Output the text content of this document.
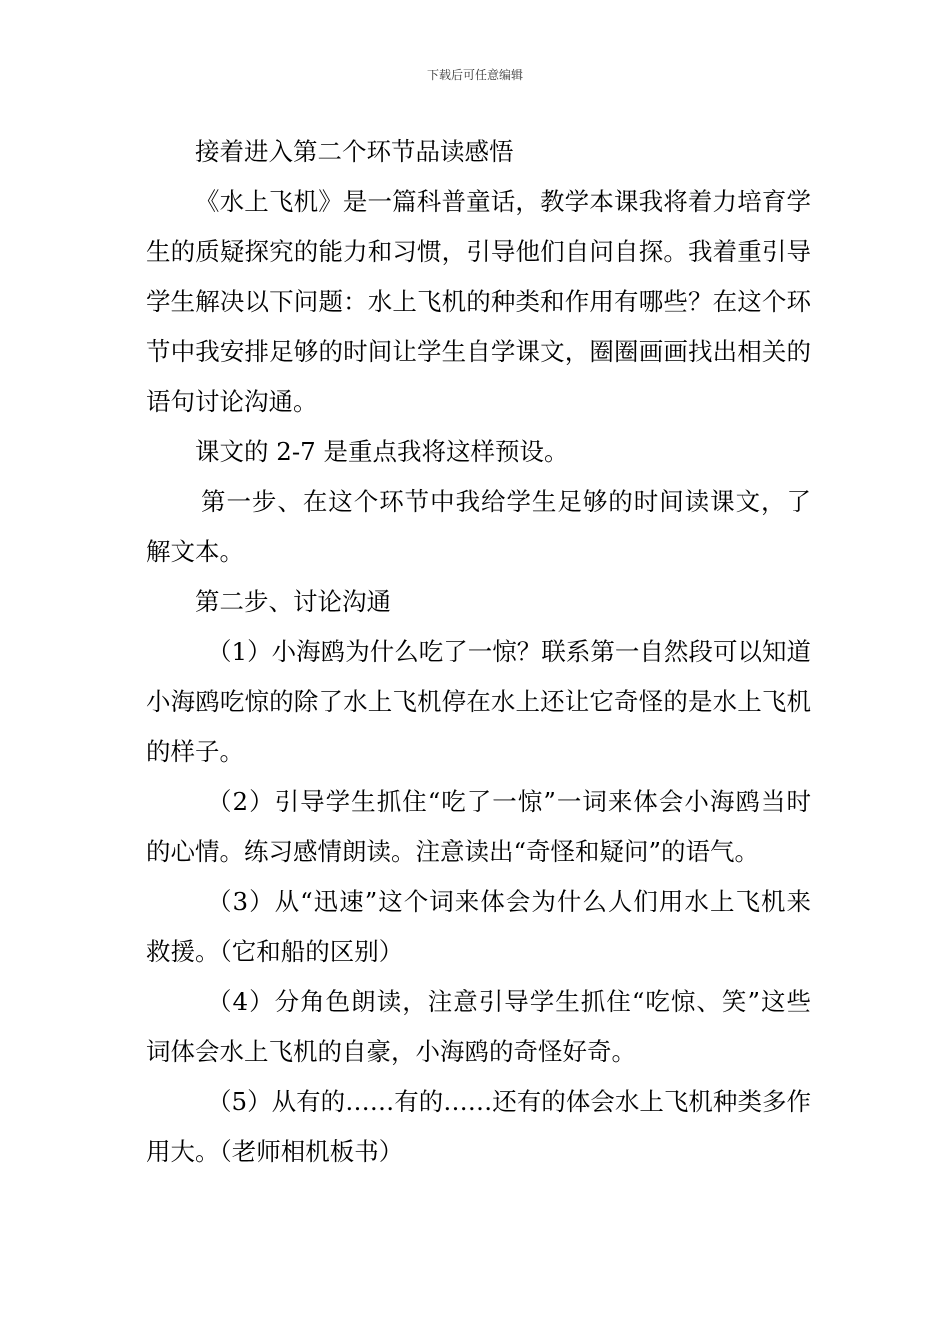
下载后可任意编辑

接着进入第二个环节品读感悟

《水上飞机》是一篇科普童话，教学本课我将着力培育学生的质疑探究的能力和习惯，引导他们自问自探。我着重引导学生解决以下问题：水上飞机的种类和作用有哪些？在这个环节中我安排足够的时间让学生自学课文，圈圈画画找出相关的语句讨论沟通。

课文的 2-7 是重点我将这样预设。

第一步、在这个环节中我给学生足够的时间读课文，了解文本。

第二步、讨论沟通

（1）小海鸥为什么吃了一惊？联系第一自然段可以知道小海鸥吃惊的除了水上飞机停在水上还让它奇怪的是水上飞机的样子。

（2）引导学生抓住“吃了一惊”一词来体会小海鸥当时的心情。练习感情朗读。注意读出“奇怪和疑问”的语气。

（3）从“迅速”这个词来体会为什么人们用水上飞机来救援。（它和船的区别）

（4）分角色朗读，注意引导学生抓住“吃惊、笑”这些词体会水上飞机的自豪，小海鸥的奇怪好奇。

（5）从有的……有的……还有的体会水上飞机种类多作用大。（老师相机板书）
